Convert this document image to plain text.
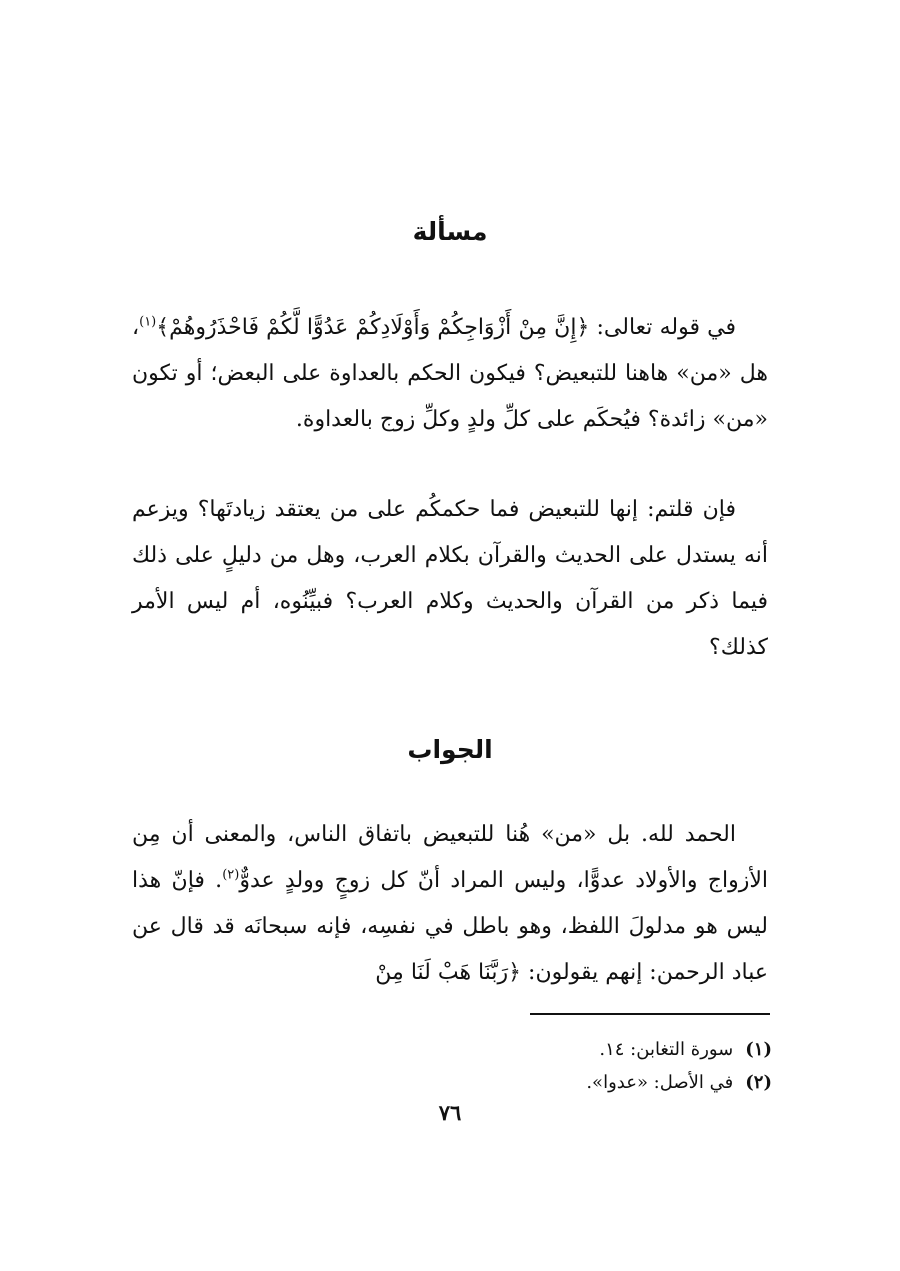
مسألة

في قوله تعالى: ﴿إِنَّ مِنْ أَزْوَاجِكُمْ وَأَوْلَادِكُمْ عَدُوًّا لَّكُمْ فَاحْذَرُوهُمْ﴾$^{(١)}$، هل «من» هاهنا للتبعيض؟ فيكون الحكم بالعداوة على البعض؛ أو تكون «من» زائدة؟ فيُحكَم على كلِّ ولدٍ وكلِّ زوج بالعداوة.

فإن قلتم: إنها للتبعيض فما حكمكُم على من يعتقد زيادتَها؟ ويزعم أنه يستدل على الحديث والقرآن بكلام العرب، وهل من دليلٍ على ذلك فيما ذكر من القرآن والحديث وكلام العرب؟ فبيِّنُوه، أم ليس الأمر كذلك؟

الجواب

الحمد لله. بل «من» هُنا للتبعيض باتفاق الناس، والمعنى أن مِن الأزواج والأولاد عدوًّا، وليس المراد أنّ كل زوجٍ وولدٍ عدوٌّ$^{(٢)}$. فإنّ هذا ليس هو مدلولَ اللفظ، وهو باطل في نفسِه، فإنه سبحانَه قد قال عن عباد الرحمن: إنهم يقولون: ﴿رَبَّنَا هَبْ لَنَا مِنْ

(١)سورة التغابن: ١٤.
(٢)في الأصل: «عدوا».
٧٦
